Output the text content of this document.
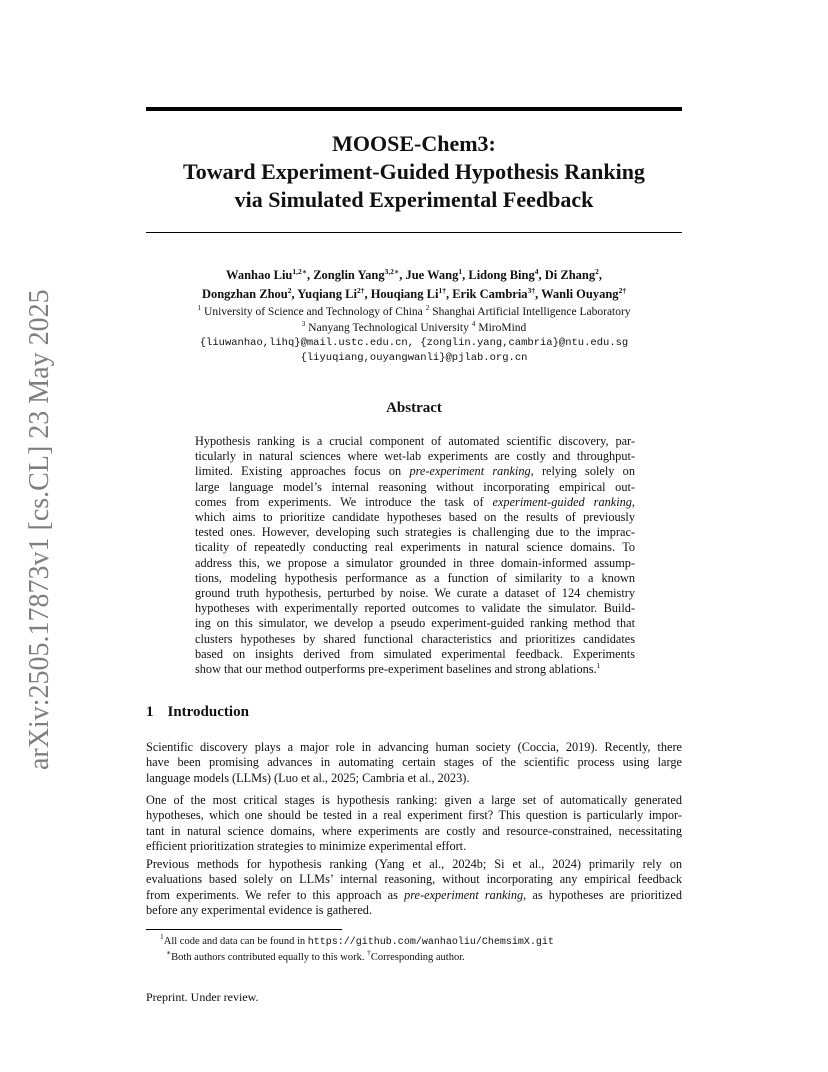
arXiv:2505.17873v1 [cs.CL] 23 May 2025
MOOSE-Chem3:
Toward Experiment-Guided Hypothesis Ranking
via Simulated Experimental Feedback
Wanhao Liu$^{1,2∗}$, Zonglin Yang$^{3,2∗}$, Jue Wang$^1$, Lidong Bing$^4$, Di Zhang$^2$,
Dongzhan Zhou$^2$, Yuqiang $Li^{2\dagger}$, Houqiang $Li^{1\dagger}$, Erik Cambria$^{3\dagger}$, Wanli Ouyang$^{2\dagger}$
$^1$ University of Science and Technology of China $^2$ Shanghai Artificial Intelligence Laboratory
$^3$ Nanyang Technological University $^4$ MiroMind
{liuwanhao,lihq}@mail.ustc.edu.cn, {zonglin.yang,cambria}@ntu.edu.sg
{liyuqiang,ouyangwanli}@pjlab.org.cn
Abstract
Hypothesis ranking is a crucial component of automated scientific discovery, par-
ticularly in natural sciences where wet-lab experiments are costly and throughput-
limited. Existing approaches focus on pre-experiment ranking, relying solely on
large language model’s internal reasoning without incorporating empirical out-
comes from experiments. We introduce the task of experiment-guided ranking,
which aims to prioritize candidate hypotheses based on the results of previously
tested ones. However, developing such strategies is challenging due to the imprac-
ticality of repeatedly conducting real experiments in natural science domains. To
address this, we propose a simulator grounded in three domain-informed assump-
tions, modeling hypothesis performance as a function of similarity to a known
ground truth hypothesis, perturbed by noise. We curate a dataset of 124 chemistry
hypotheses with experimentally reported outcomes to validate the simulator. Build-
ing on this simulator, we develop a pseudo experiment-guided ranking method that
clusters hypotheses by shared functional characteristics and prioritizes candidates
based on insights derived from simulated experimental feedback. Experiments
show that our method outperforms pre-experiment baselines and strong ablations.$^1$
1 Introduction
Scientific discovery plays a major role in advancing human society (Coccia, 2019). Recently, there
have been promising advances in automating certain stages of the scientific process using large
language models (LLMs) (Luo et al., 2025; Cambria et al., 2023).
One of the most critical stages is hypothesis ranking: given a large set of automatically generated
hypotheses, which one should be tested in a real experiment first? This question is particularly impor-
tant in natural science domains, where experiments are costly and resource-constrained, necessitating
efficient prioritization strategies to minimize experimental effort.
Previous methods for hypothesis ranking (Yang et al., 2024b; Si et al., 2024) primarily rely on
evaluations based solely on LLMs’ internal reasoning, without incorporating any empirical feedback
from experiments. We refer to this approach as pre-experiment ranking, as hypotheses are prioritized
before any experimental evidence is gathered.
$^1$All code and data can be found in https://github.com/wanhaoliu/ChemsimX.git
∗Both authors contributed equally to this work. †Corresponding author.
Preprint. Under review.
